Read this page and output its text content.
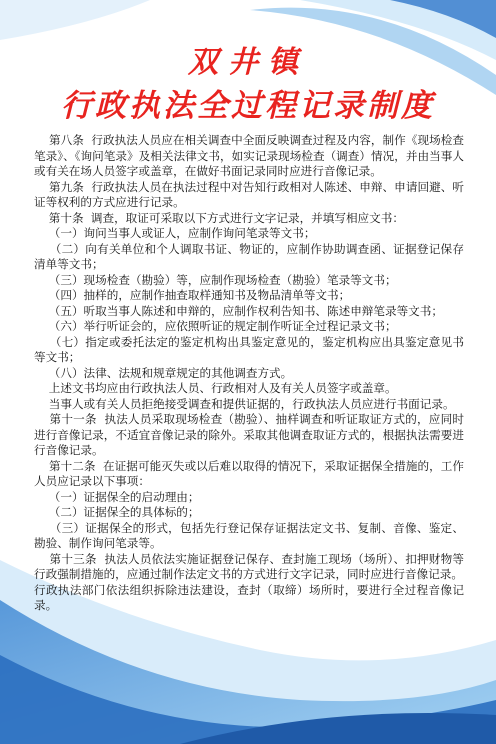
双井镇
行政执法全过程记录制度

第八条  行政执法人员应在相关调查中全面反映调查过程及内容，制作《现场检查笔录》、《询问笔录》及相关法律文书，如实记录现场检查（调查）情况，并由当事人或有关在场人员签字或盖章，在做好书面记录同时应进行音像记录。

第九条  行政执法人员在执法过程中对告知行政相对人陈述、申辩、申请回避、听证等权利的方式应进行记录。

第十条  调查，取证可采取以下方式进行文字记录，并填写相应文书：

（一）询问当事人或证人，应制作询问笔录等文书；

（二）向有关单位和个人调取书证、物证的，应制作协助调查函、证据登记保存清单等文书；

（三）现场检查（勘验）等，应制作现场检查（勘验）笔录等文书；

（四）抽样的，应制作抽查取样通知书及物品清单等文书；

（五）听取当事人陈述和申辩的，应制作权利告知书、陈述申辩笔录等文书；

（六）举行听证会的，应依照听证的规定制作听证全过程记录文书；

（七）指定或委托法定的鉴定机构出具鉴定意见的，鉴定机构应出具鉴定意见书等文书；

（八）法律、法规和规章规定的其他调查方式。

上述文书均应由行政执法人员、行政相对人及有关人员签字或盖章。

当事人或有关人员拒绝接受调查和提供证据的，行政执法人员应进行书面记录。

第十一条  执法人员采取现场检查（勘验）、抽样调查和听证取证方式的，应同时进行音像记录，不适宜音像记录的除外。采取其他调查取证方式的，根据执法需要进行音像记录。

第十二条  在证据可能灭失或以后难以取得的情况下，采取证据保全措施的，工作人员应记录以下事项：

（一）证据保全的启动理由；

（二）证据保全的具体标的；

（三）证据保全的形式，包括先行登记保存证据法定文书、复制、音像、鉴定、勘验、制作询问笔录等。

第十三条  执法人员依法实施证据登记保存、查封施工现场（场所）、扣押财物等行政强制措施的，应通过制作法定文书的方式进行文字记录，同时应进行音像记录。

行政执法部门依法组织拆除违法建设，查封（取缔）场所时，要进行全过程音像记录。
